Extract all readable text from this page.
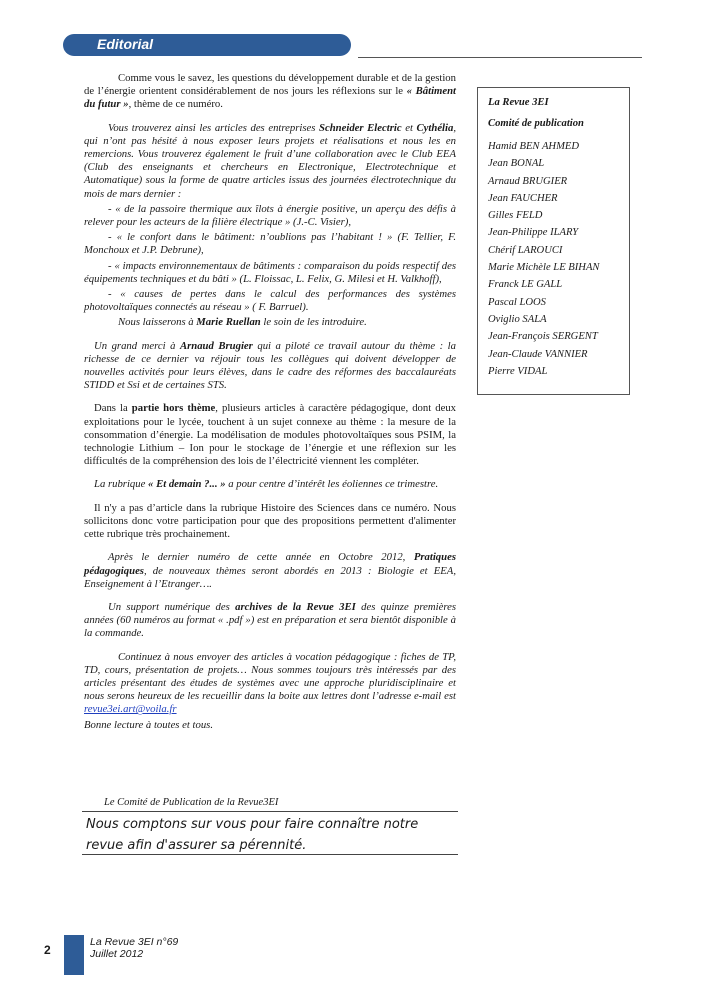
Editorial

Comme vous le savez, les questions du développement durable et de la gestion de l’énergie orientent considérablement de nos jours les réflexions sur le « Bâtiment du futur », thème de ce numéro.

Vous trouverez ainsi les articles des entreprises Schneider Electric et Cythélia, qui n’ont pas hésité à nous exposer leurs projets et réalisations et nous les en remercions. Vous trouverez également le fruit d’une collaboration avec le Club EEA (Club des enseignants et chercheurs en Electronique, Electrotechnique et Automatique) sous la forme de quatre articles issus des journées électrotechnique du mois de mars dernier :

- « de la passoire thermique aux îlots à énergie positive, un aperçu des défis à relever pour les acteurs de la filière électrique » (J.-C. Visier),

- « le confort dans le bâtiment: n’oublions pas l’habitant ! » (F. Tellier, F. Monchoux et J.P. Debrune),

- « impacts environnementaux de bâtiments : comparaison du poids respectif des équipements techniques et du bâti » (L. Floissac, L. Felix, G. Milesi et H. Valkhoff),

- « causes de pertes dans le calcul des performances des systèmes photovoltaïques connectés au réseau » ( F. Barruel).

Nous laisserons à Marie Ruellan le soin de les introduire.

Un grand merci à Arnaud Brugier qui a piloté ce travail autour du thème : la richesse de ce dernier va réjouir tous les collègues qui doivent développer de nouvelles activités pour leurs élèves, dans le cadre des réformes des baccalauréats STIDD et Ssi et de certaines STS.

Dans la partie hors thème, plusieurs articles à caractère pédagogique, dont deux exploitations pour le lycée, touchent à un sujet connexe au thème : la mesure de la consommation d’énergie. La modélisation de modules photovoltaïques sous PSIM, la technologie Lithium – Ion pour le stockage de l’énergie et une réflexion sur les difficultés de la compréhension des lois de l’électricité viennent les compléter.

La rubrique « Et demain ?... » a pour centre d’intérêt les éoliennes ce trimestre.

Il n'y a pas d’article dans la rubrique Histoire des Sciences dans ce numéro. Nous sollicitons donc votre participation pour que des propositions permettent d'alimenter cette rubrique très prochainement.

Après le dernier numéro de cette année en Octobre 2012, Pratiques pédagogiques, de nouveaux thèmes seront abordés en 2013 : Biologie et EEA, Enseignement à l’Etranger….

Un support numérique des archives de la Revue 3EI des quinze premières années (60 numéros au format « .pdf ») est en préparation et sera bientôt disponible à la commande.

Continuez à nous envoyer des articles à vocation pédagogique : fiches de TP, TD, cours, présentation de projets… Nous sommes toujours très intéressés par des articles présentant des études de systèmes avec une approche pluridisciplinaire et nous serons heureux de les recueillir dans la boite aux lettres dont l’adresse e-mail est revue3ei.art@voila.fr

Bonne lecture à toutes et tous.

La Revue 3EI
Comité de publication
Hamid BEN AHMED
Jean BONAL
Arnaud BRUGIER
Jean FAUCHER
Gilles FELD
Jean-Philippe ILARY
Chérif LAROUCI
Marie Michèle LE BIHAN
Franck LE GALL
Pascal LOOS
Oviglio SALA
Jean-François SERGENT
Jean-Claude VANNIER
Pierre VIDAL
Le Comité de Publication de la Revue3EI
Nous comptons sur vous pour faire connaître notre revue afin d'assurer sa pérennité.
2
La Revue 3EI n°69
Juillet 2012
